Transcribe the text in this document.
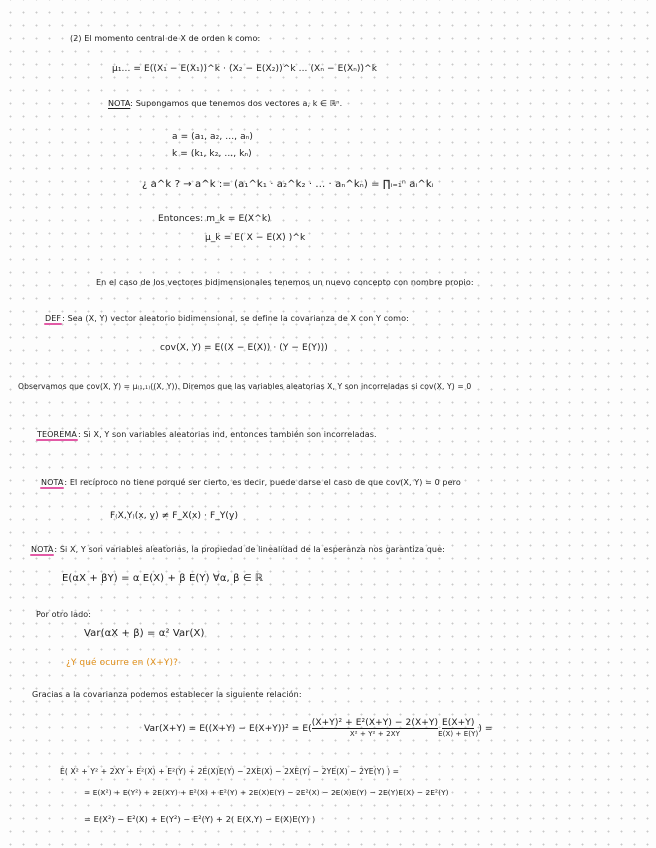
(2) El momento central de X de orden k como:
μ₁... = E((X₁ − E(X₁))^k · (X₂ − E(X₂))^k ... (Xₙ − E(Xₙ))^k
NOTA: Supongamos que tenemos dos vectores a, k ∈ ℝⁿ.
a = (a₁, a₂, ..., aₙ)
k = (k₁, k₂, ..., kₙ)
¿ a^k ? → a^k := (a₁^k₁ · a₂^k₂ · ... · aₙ^kₙ) = ∏ᵢ₌₁ⁿ aᵢ^kᵢ
Entonces: m_k = E(X^k)
μ_k = E( X − E(X) )^k
En el caso de los vectores bidimensionales tenemos un nuevo concepto con nombre propio:
DEF: Sea (X, Y) vector aleatorio bidimensional, se define la covarianza de X con Y como:
cov(X, Y) = E((X − E(X)) · (Y − E(Y)))
Observamos que cov(X, Y) = μ₍₁,₁₎((X, Y)). Diremos que las variables aleatorias X, Y son incorreladas si cov(X, Y) = 0
TEOREMA: Si X, Y son variables aleatorias ind, entonces también son incorreladas.
NOTA: El recíproco no tiene porqué ser cierto, es decir, puede darse el caso de que cov(X, Y) = 0 pero
F₍X,Y₎(x, y) ≠ F_X(x) · F_Y(y)
NOTA: Si X, Y son variables aleatorias, la propiedad de linealidad de la esperanza nos garantiza que:
E(αX + βY) = α E(X) + β E(Y) ∀α, β ∈ ℝ
Por otro lado:
Var(αX + β) = α² Var(X)
¿Y qué ocurre en (X+Y)?
Gracias a la covarianza podemos establecer la siguiente relación:
Var(X+Y) = E((X+Y) − E(X+Y))² = E(
(X+Y)² + E²(X+Y) − 2(X+Y)
X² + Y² + 2XY
E(X+Y)
E(X) + E(Y) ) =
E( X² + Y² + 2XY + E²(X) + E²(Y) + 2E(X)E(Y) − 2XE(X) − 2XE(Y) − 2YE(X) − 2YE(Y) ) =
= E(X²) + E(Y²) + 2E(XY) + E²(X) + E²(Y) + 2E(X)E(Y) − 2E²(X) − 2E(X)E(Y) − 2E(Y)E(X) − 2E²(Y)
= E(X²) − E²(X) + E(Y²) − E²(Y) + 2( E(X,Y) − E(X)E(Y) )
